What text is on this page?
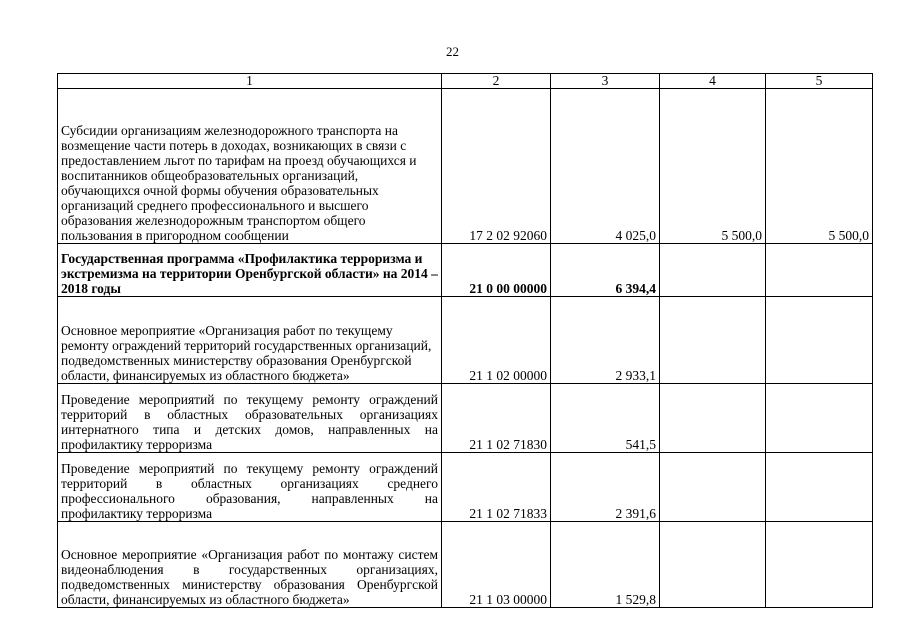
22
1	2	3	4	5
Субсидии организациям железнодорожного транспорта на возмещение части потерь в доходах, возникающих в связи с предоставлением льгот по тарифам на проезд обучающихся и воспитанников общеобразовательных организаций, обучающихся очной формы обучения образовательных организаций среднего профессионального и высшего образования железнодорожным транспортом общего пользования в пригородном сообщении	17 2 02 92060	4 025,0	5 500,0	5 500,0
Государственная программа «Профилактика терроризма и экстремизма на территории Оренбургской области» на 2014 – 2018 годы	21 0 00 00000	6 394,4		
Основное мероприятие «Организация работ по текущему ремонту ограждений территорий государственных организаций, подведомственных министерству образования Оренбургской области, финансируемых из областного бюджета»	21 1 02 00000	2 933,1		
Проведение мероприятий по текущему ремонту ограждений территорий в областных образовательных организациях интернатного типа и детских домов, направленных на профилактику терроризма	21 1 02 71830	541,5		
Проведение мероприятий по текущему ремонту ограждений территорий в областных организациях среднего профессионального образования, направленных на профилактику терроризма	21 1 02 71833	2 391,6		
Основное мероприятие «Организация работ по монтажу систем видеонаблюдения в государственных организациях, подведомственных министерству образования Оренбургской области, финансируемых из областного бюджета»	21 1 03 00000	1 529,8		
